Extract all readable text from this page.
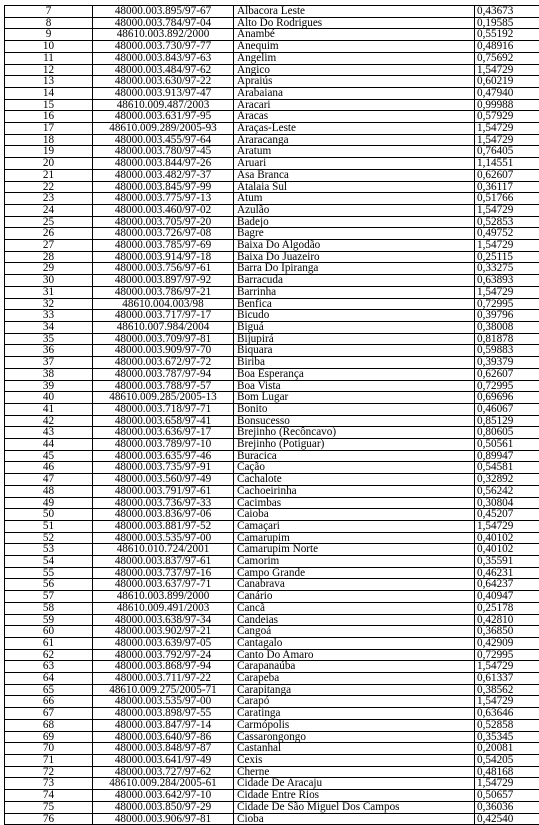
7	48000.003.895/97-67	Albacora Leste	0,43673
8	48000.003.784/97-04	Alto Do Rodrigues	0,19585
9	48610.003.892/2000	Anambé	0,55192
10	48000.003.730/97-77	Anequim	0,48916
11	48000.003.843/97-63	Angelim	0,75692
12	48000.003.484/97-62	Angico	1,54729
13	48000.003.630/97-22	Apraiús	0,60219
14	48000.003.913/97-47	Arabaiana	0,47940
15	48610.009.487/2003	Aracari	0,99988
16	48000.003.631/97-95	Aracas	0,57929
17	48610.009.289/2005-93	Araças-Leste	1,54729
18	48000.003.455/97-64	Araracanga	1,54729
19	48000.003.780/97-45	Aratum	0,76405
20	48000.003.844/97-26	Aruari	1,14551
21	48000.003.482/97-37	Asa Branca	0,62607
22	48000.003.845/97-99	Atalaia Sul	0,36117
23	48000.003.775/97-13	Atum	0,51766
24	48000.003.460/97-02	Azulão	1,54729
25	48000.003.705/97-20	Badejo	0,52853
26	48000.003.726/97-08	Bagre	0,49752
27	48000.003.785/97-69	Baixa Do Algodão	1,54729
28	48000.003.914/97-18	Baixa Do Juazeiro	0,25115
29	48000.003.756/97-61	Barra Do Ipiranga	0,33275
30	48000.003.897/97-92	Barracuda	0,63893
31	48000.003.786/97-21	Barrinha	1,54729
32	48610.004.003/98	Benfica	0,72995
33	48000.003.717/97-17	Bicudo	0,39796
34	48610.007.984/2004	Biguá	0,38008
35	48000.003.709/97-81	Bijupirá	0,81878
36	48000.003.909/97-70	Biquara	0,59883
37	48000.003.672/97-72	Biriba	0,39379
38	48000.003.787/97-94	Boa Esperança	0,62607
39	48000.003.788/97-57	Boa Vista	0,72995
40	48610.009.285/2005-13	Bom Lugar	0,69696
41	48000.003.718/97-71	Bonito	0,46067
42	48000.003.658/97-41	Bonsucesso	0,85129
43	48000.003.636/97-17	Brejinho (Recôncavo)	0,80605
44	48000.003.789/97-10	Brejinho (Potiguar)	0,50561
45	48000.003.635/97-46	Buracica	0,89947
46	48000.003.735/97-91	Cação	0,54581
47	48000.003.560/97-49	Cachalote	0,32892
48	48000.003.791/97-61	Cachoeirinha	0,56242
49	48000.003.736/97-33	Cacimbas	0,30804
50	48000.003.836/97-06	Caioba	0,45207
51	48000.003.881/97-52	Camaçari	1,54729
52	48000.003.535/97-00	Camarupim	0,40102
53	48610.010.724/2001	Camarupim Norte	0,40102
54	48000.003.837/97-61	Camorim	0,35591
55	48000.003.737/97-16	Campo Grande	0,46231
56	48000.003.637/97-71	Canabrava	0,64237
57	48610.003.899/2000	Canário	0,40947
58	48610.009.491/2003	Cancã	0,25178
59	48000.003.638/97-34	Candeias	0,42810
60	48000.003.902/97-21	Cangoá	0,36850
61	48000.003.639/97-05	Cantagalo	0,42909
62	48000.003.792/97-24	Canto Do Amaro	0,72995
63	48000.003.868/97-94	Carapanaúba	1,54729
64	48000.003.711/97-22	Carapeba	0,61337
65	48610.009.275/2005-71	Carapitanga	0,38562
66	48000.003.535/97-00	Carapó	1,54729
67	48000.003.898/97-55	Caratinga	0,63646
68	48000.003.847/97-14	Carmópolis	0,52858
69	48000.003.640/97-86	Cassarongongo	0,35345
70	48000.003.848/97-87	Castanhal	0,20081
71	48000.003.641/97-49	Cexis	0,54205
72	48000.003.727/97-62	Cherne	0,48168
73	48610.009.284/2005-61	Cidade De Aracaju	1,54729
74	48000.003.642/97-10	Cidade Entre Rios	0,50657
75	48000.003.850/97-29	Cidade De São Miguel Dos Campos	0,36036
76	48000.003.906/97-81	Cioba	0,42540
